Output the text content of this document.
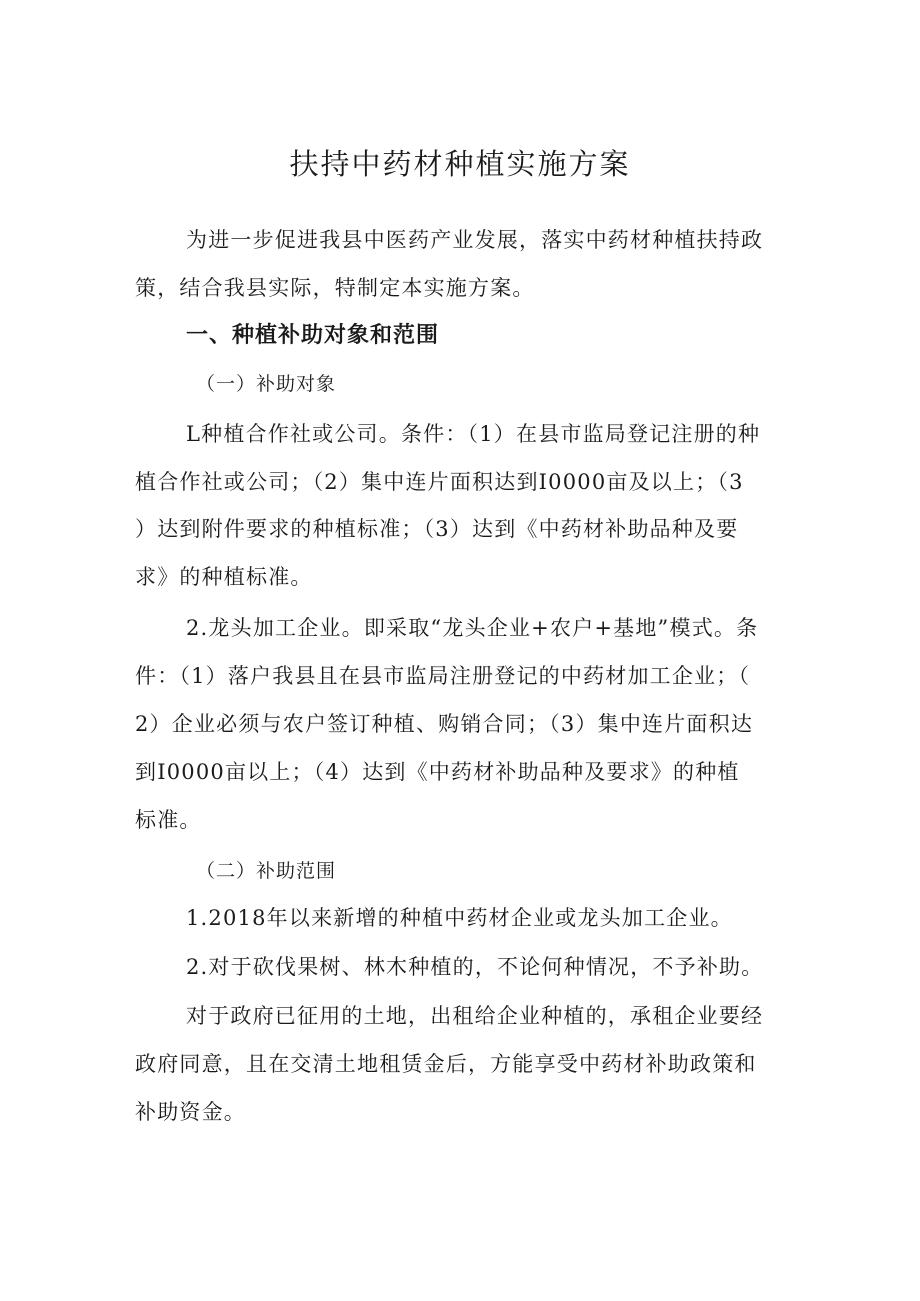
扶持中药材种植实施方案

为进一步促进我县中医药产业发展，落实中药材种植扶持政

策，结合我县实际，特制定本实施方案。

一、种植补助对象和范围

（一）补助对象

L种植合作社或公司。条件：（1）在县市监局登记注册的种

植合作社或公司；（2）集中连片面积达到I0000亩及以上；（3

）达到附件要求的种植标准；（3）达到《中药材补助品种及要

求》的种植标准。

2.龙头加工企业。即采取“龙头企业+农户+基地”模式。条

件：（1）落户我县且在县市监局注册登记的中药材加工企业；（

2）企业必须与农户签订种植、购销合同；（3）集中连片面积达

到I0000亩以上；（4）达到《中药材补助品种及要求》的种植

标准。

（二）补助范围

1.2018年以来新增的种植中药材企业或龙头加工企业。

2.对于砍伐果树、林木种植的，不论何种情况，不予补助。

对于政府已征用的土地，出租给企业种植的，承租企业要经

政府同意，且在交清土地租赁金后，方能享受中药材补助政策和

补助资金。
